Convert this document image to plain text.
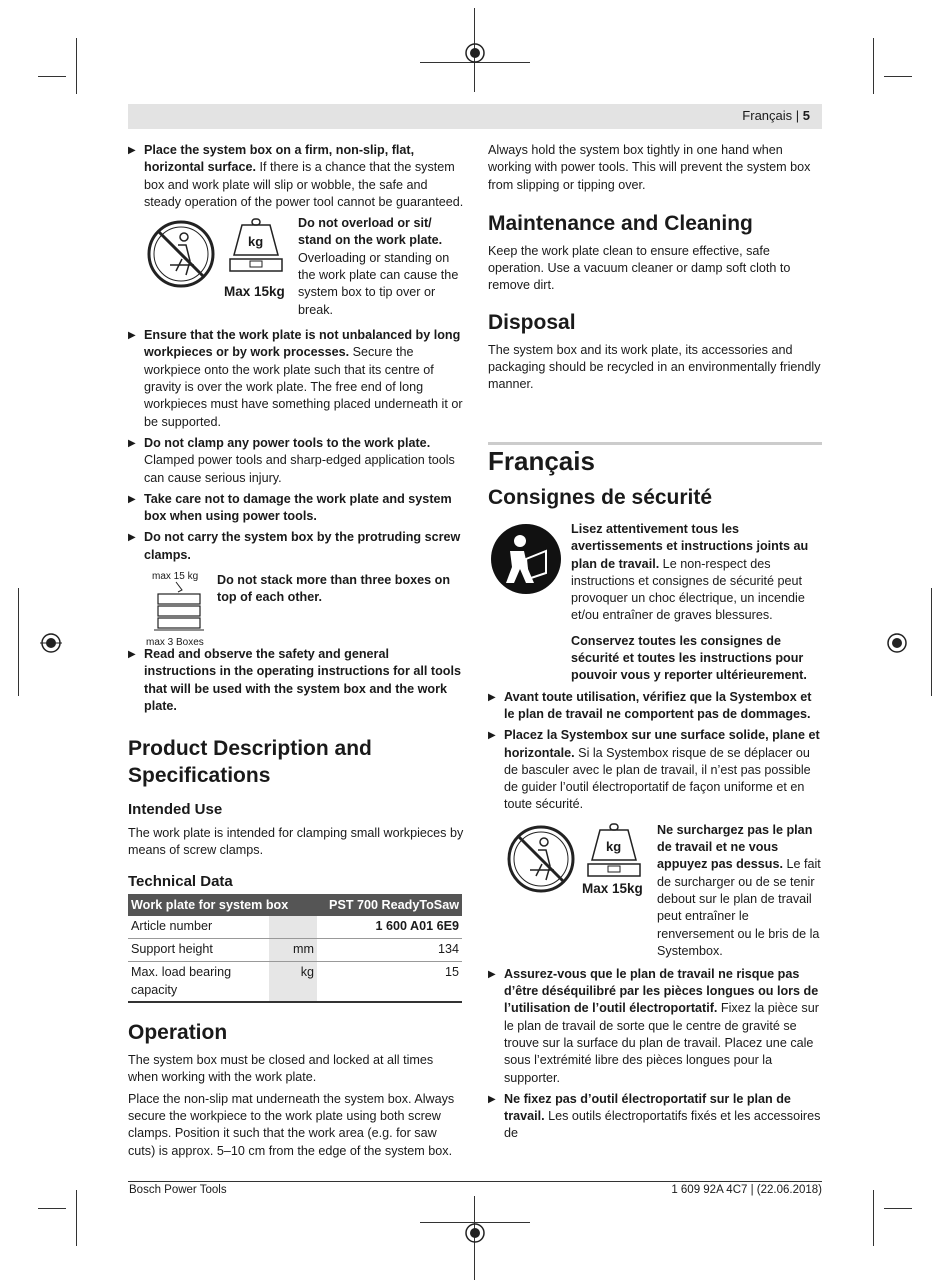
Français | 5
▶ Place the system box on a firm, non-slip, flat, horizontal surface. If there is a chance that the system box and work plate will slip or wobble, the safe and steady operation of the power tool cannot be guaranteed.
kg
Max 15kg
Do not overload or sit/ stand on the work plate. Overloading or standing on the work plate can cause the system box to tip over or break.
▶ Ensure that the work plate is not unbalanced by long workpieces or by work processes. Secure the workpiece onto the work plate such that its centre of gravity is over the work plate. The free end of long workpieces must have something placed underneath it or be supported.
▶ Do not clamp any power tools to the work plate. Clamped power tools and sharp-edged application tools can cause serious injury.
▶ Take care not to damage the work plate and system box when using power tools.
▶ Do not carry the system box by the protruding screw clamps.
max 15 kg
max 3 Boxes
Do not stack more than three boxes on top of each other.
▶ Read and observe the safety and general instructions in the operating instructions for all tools that will be used with the system box and the work plate.
Product Description and Specifications
Intended Use

The work plate is intended for clamping small workpieces by means of screw clamps.

Technical Data
Work plate for system box		PST 700 ReadyToSaw
Article number		1 600 A01 6E9
Support height	mm	134
Max. load bearing capacity	kg	15
Operation

The system box must be closed and locked at all times when working with the work plate.

Place the non-slip mat underneath the system box. Always secure the workpiece to the work plate using both screw clamps. Position it such that the work area (e.g. for saw cuts) is approx. 5–10 cm from the edge of the system box.

Always hold the system box tightly in one hand when working with power tools. This will prevent the system box from slipping or tipping over.

Maintenance and Cleaning

Keep the work plate clean to ensure effective, safe operation. Use a vacuum cleaner or damp soft cloth to remove dirt.

Disposal

The system box and its work plate, its accessories and packaging should be recycled in an environmentally friendly manner.

Français
Consignes de sécurité
Lisez attentivement tous les avertissements et instructions joints au plan de travail. Le non-respect des instructions et consignes de sécurité peut provoquer un choc électrique, un incendie et/ou entraîner de graves blessures.

Conservez toutes les consignes de sécurité et toutes les instructions pour pouvoir vous y reporter ultérieurement.

▶ Avant toute utilisation, vérifiez que la Systembox et le plan de travail ne comportent pas de dommages.
▶ Placez la Systembox sur une surface solide, plane et horizontale. Si la Systembox risque de se déplacer ou de basculer avec le plan de travail, il n’est pas possible de guider l’outil électroportatif de façon uniforme et en toute sécurité.
kg
Max 15kg
Ne surchargez pas le plan de travail et ne vous appuyez pas dessus. Le fait de surcharger ou de se tenir debout sur le plan de travail peut entraîner le renversement ou le bris de la Systembox.
▶ Assurez-vous que le plan de travail ne risque pas d’être déséquilibré par les pièces longues ou lors de l’utilisation de l’outil électroportatif. Fixez la pièce sur le plan de travail de sorte que le centre de gravité se trouve sur la surface du plan de travail. Placez une cale sous l’extrémité libre des pièces longues pour la supporter.
▶ Ne fixez pas d’outil électroportatif sur le plan de travail. Les outils électroportatifs fixés et les accessoires de
Bosch Power Tools	1 609 92A 4C7 | (22.06.2018)
